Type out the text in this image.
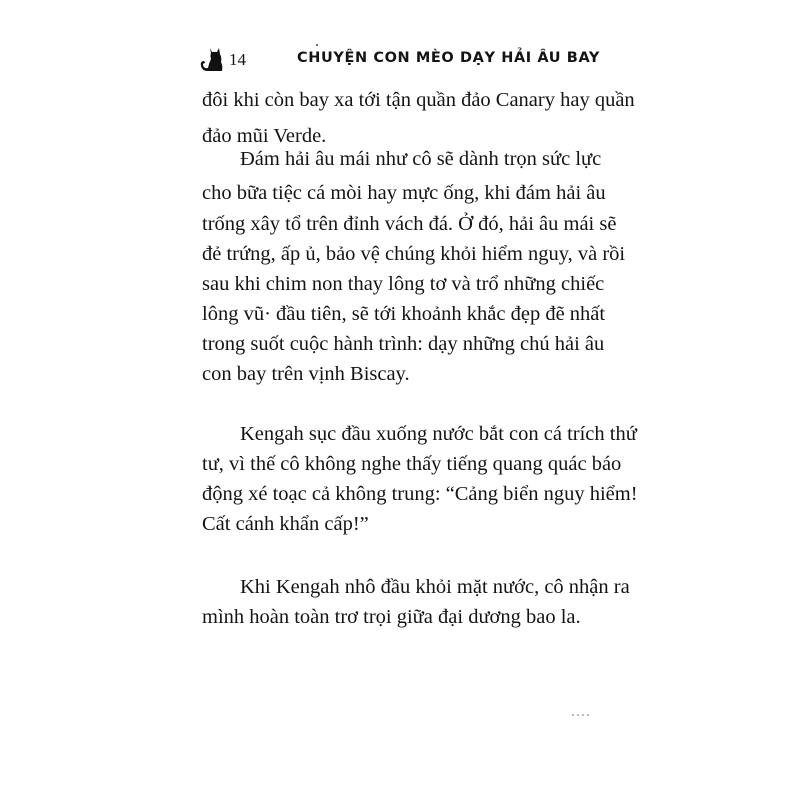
14	CHUYỆN CON MÈO DẠY HẢI ÂU BAY
đôi khi còn bay xa tới tận quần đảo Canary hay quần
đảo mũi Verde.
Đám hải âu mái như cô sẽ dành trọn sức lực
cho bữa tiệc cá mòi hay mực ống, khi đám hải âu
trống xây tổ trên đỉnh vách đá. Ở đó, hải âu mái sẽ
đẻ trứng, ấp ủ, bảo vệ chúng khỏi hiểm nguy, và rồi
sau khi chim non thay lông tơ và trổ những chiếc
lông vũ· đầu tiên, sẽ tới khoảnh khắc đẹp đẽ nhất
trong suốt cuộc hành trình: dạy những chú hải âu
con bay trên vịnh Biscay.
Kengah sục đầu xuống nước bắt con cá trích thứ
tư, vì thế cô không nghe thấy tiếng quang quác báo
động xé toạc cả không trung: “Cảng biển nguy hiểm!
Cất cánh khẩn cấp!”
Khi Kengah nhô đầu khỏi mặt nước, cô nhận ra
mình hoàn toàn trơ trọi giữa đại dương bao la.
